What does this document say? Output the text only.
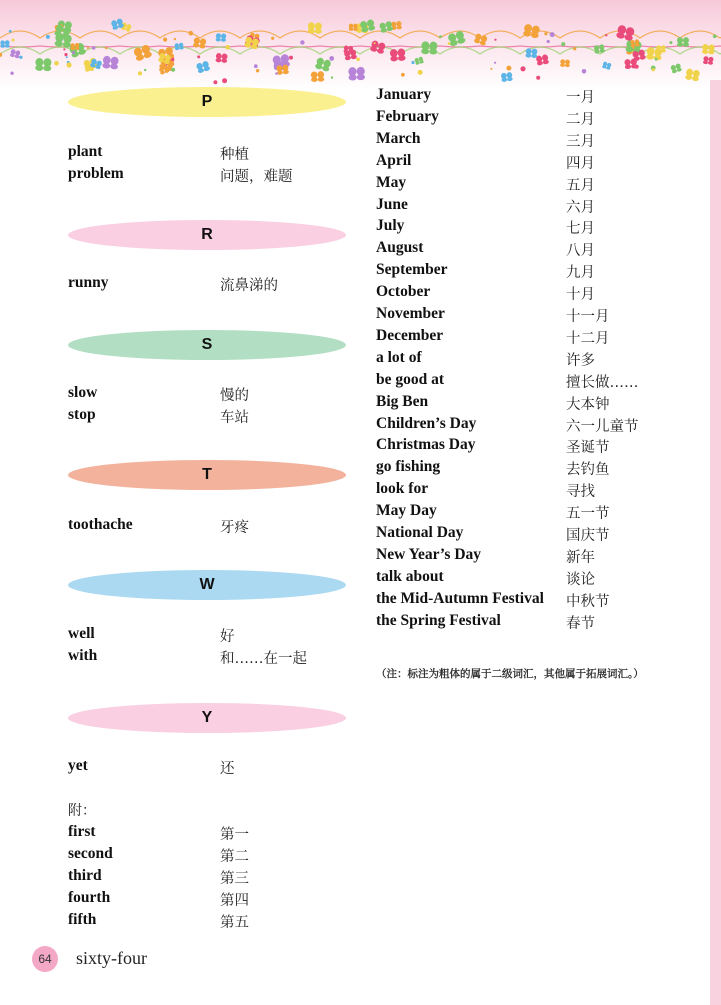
P
plant	种植
problem	问题，难题
R
runny	流鼻涕的
S
slow	慢的
stop	车站
T
toothache	牙疼
W
well	好
with	和……在一起
Y
yet	还
附：
first	第一
second	第二
third	第三
fourth	第四
fifth	第五
January	一月
February	二月
March	三月
April	四月
May	五月
June	六月
July	七月
August	八月
September	九月
October	十月
November	十一月
December	十二月
a lot of	许多
be good at	擅长做……
Big Ben	大本钟
Children’s Day	六一儿童节
Christmas Day	圣诞节
go fishing	去钓鱼
look for	寻找
May Day	五一节
National Day	国庆节
New Year’s Day	新年
talk about	谈论
the Mid-Autumn Festival 中秋节
the Spring Festival	春节
（注：标注为粗体的属于二级词汇，其他属于拓展词汇。）
64	sixty-four
